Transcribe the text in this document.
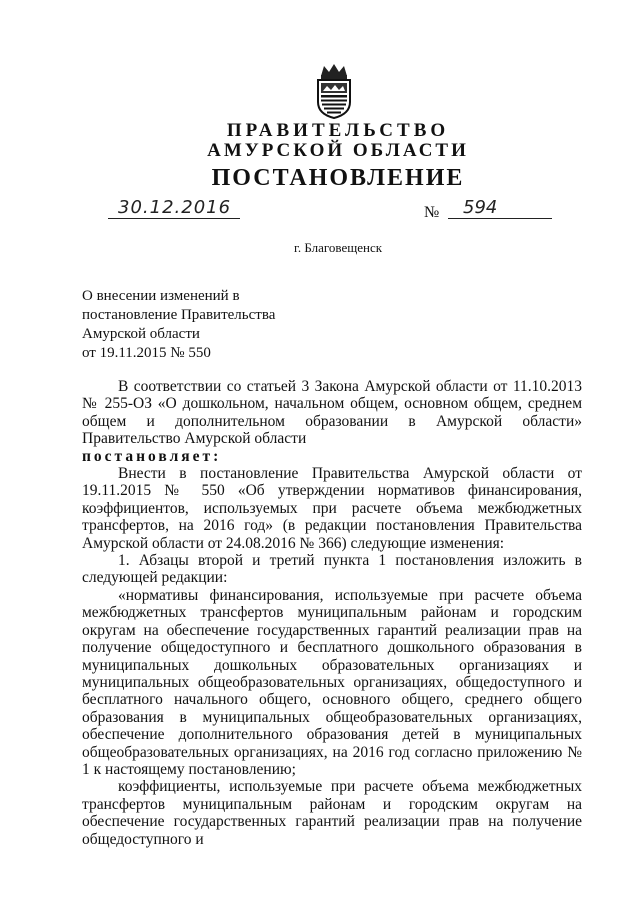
ПРАВИТЕЛЬСТВО
АМУРСКОЙ ОБЛАСТИ
ПОСТАНОВЛЕНИЕ
30.12.2016	№ 594
г. Благовещенск
О внесении изменений в
постановление Правительства
Амурской области
от 19.11.2015 № 550

В соответствии со статьей 3 Закона Амурской области от 11.10.2013 № 255-ОЗ «О дошкольном, начальном общем, основном общем, среднем общем и дополнительном образовании в Амурской области» Правительство Амурской области

постановляет:

Внести в постановление Правительства Амурской области от 19.11.2015 № 550 «Об утверждении нормативов финансирования, коэффициентов, используемых при расчете объема межбюджетных трансфертов, на 2016 год» (в редакции постановления Правительства Амурской области от 24.08.2016 № 366) следующие изменения:

1. Абзацы второй и третий пункта 1 постановления изложить в следующей редакции:

«нормативы финансирования, используемые при расчете объема межбюджетных трансфертов муниципальным районам и городским округам на обеспечение государственных гарантий реализации прав на получение общедоступного и бесплатного дошкольного образования в муниципальных дошкольных образовательных организациях и муниципальных общеобразовательных организациях, общедоступного и бесплатного начального общего, основного общего, среднего общего образования в муниципальных общеобразовательных организациях, обеспечение дополнительного образования детей в муниципальных общеобразовательных организациях, на 2016 год согласно приложению № 1 к настоящему постановлению;

коэффициенты, используемые при расчете объема межбюджетных трансфертов муниципальным районам и городским округам на обеспечение государственных гарантий реализации прав на получение общедоступного и
